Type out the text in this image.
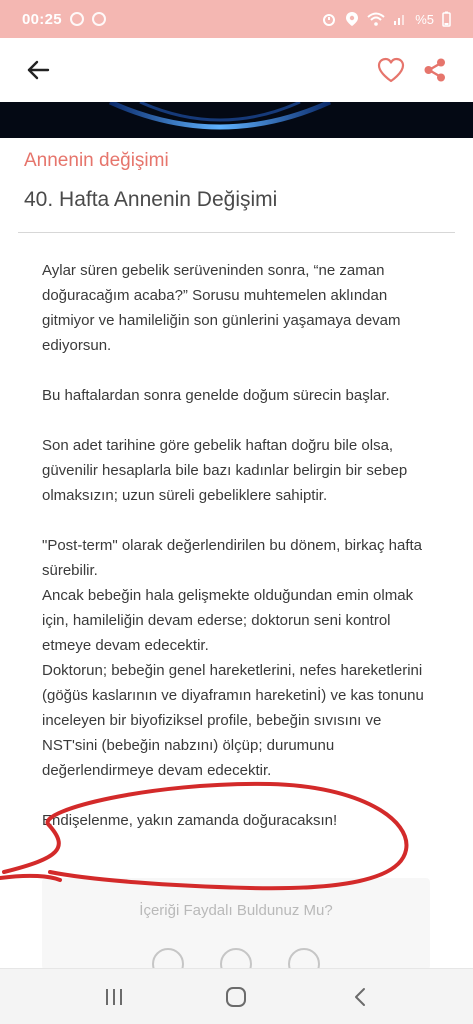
00:25	%5
Annenin değişimi
40. Hafta Annenin Değişimi

Aylar süren gebelik serüveninden sonra, “ne zaman doğuracağım acaba?” Sorusu muhtemelen aklından gitmiyor ve hamileliğin son günlerini yaşamaya devam ediyorsun.

Bu haftalardan sonra genelde doğum sürecin başlar.

Son adet tarihine göre gebelik haftan doğru bile olsa, güvenilir hesaplarla bile bazı kadınlar belirgin bir sebep olmaksızın; uzun süreli gebeliklere sahiptir.

"Post-term" olarak değerlendirilen bu dönem, birkaç hafta sürebilir.

Ancak bebeğin hala gelişmekte olduğundan emin olmak için, hamileliğin devam ederse; doktorun seni kontrol etmeye devam edecektir.

Doktorun; bebeğin genel hareketlerini, nefes hareketlerini (göğüs kaslarının ve diyaframın hareketinİ) ve kas tonunu inceleyen bir biyofiziksel profile, bebeğin sıvısını ve NST'sini (bebeğin nabzını) ölçüp; durumunu değerlendirmeye devam edecektir.

Endişelenme, yakın zamanda doğuracaksın!

İçeriği Faydalı Buldunuz Mu?
